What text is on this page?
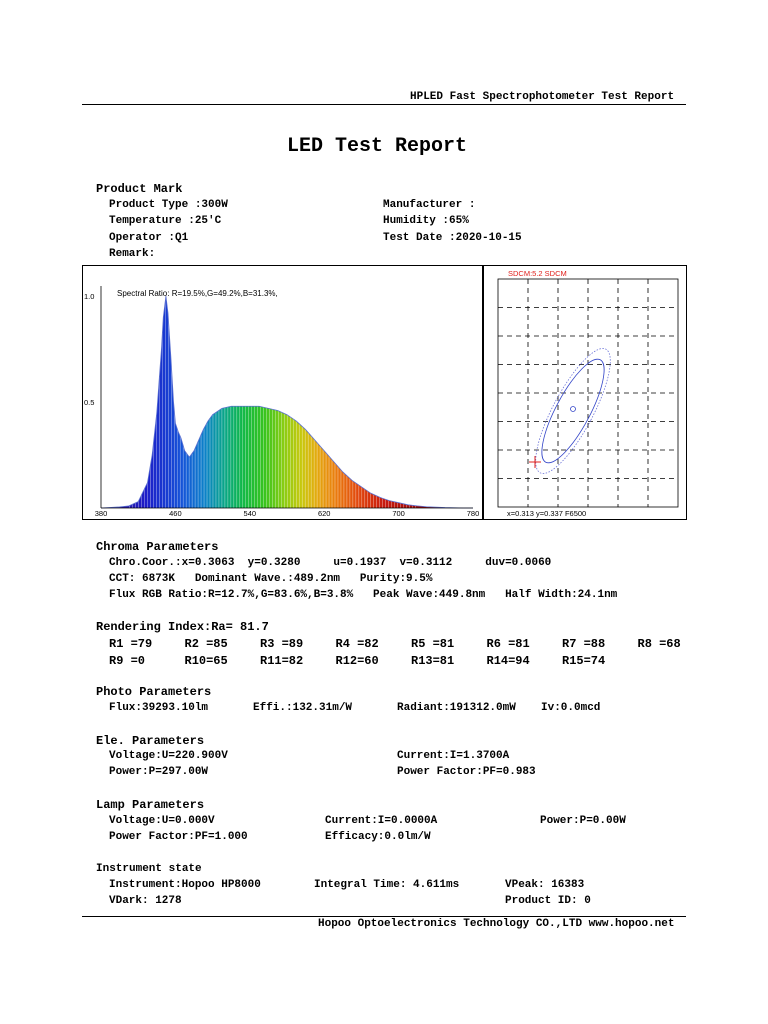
HPLED Fast Spectrophotometer Test Report
LED Test Report
Product Mark
Product Type :300W	Manufacturer :
Temperature :25′C	Humidity :65%
Operator :Q1	Test Date :2020-10-15
Remark:
380	460	540	620	700	780
1.0
0.5
Spectral Ratio: R=19.5%,G=49.2%,B=31.3%,
SDCM:5.2 SDCM
x=0.313 y=0.337 F6500
Chroma Parameters
Chro.Coor.:x=0.3063  y=0.3280     u=0.1937  v=0.3112     duv=0.0060
CCT: 6873K   Dominant Wave.:489.2nm   Purity:9.5%
Flux RGB Ratio:R=12.7%,G=83.6%,B=3.8%   Peak Wave:449.8nm   Half Width:24.1nm
Rendering Index:Ra= 81.7
R1 =79	R2 =85	R3 =89	R4 =82	R5 =81	R6 =81	R7 =88	R8 =68
R9 =0	R10=65	R11=82	R12=60	R13=81	R14=94	R15=74
Photo Parameters
Flux:39293.10lm	Effi.:132.31m/W	Radiant:191312.0mW Iv:0.0mcd
Ele. Parameters
Voltage:U=220.900V	Current:I=1.3700A
Power:P=297.00W	Power Factor:PF=0.983
Lamp Parameters
Voltage:U=0.000V	Current:I=0.0000A	Power:P=0.00W
Power Factor:PF=1.000	Efficacy:0.0lm/W
Instrument state
Instrument:Hopoo HP8000	Integral Time: 4.611ms	VPeak: 16383
VDark: 1278	Product ID: 0
Hopoo Optoelectronics Technology CO.,LTD www.hopoo.net
